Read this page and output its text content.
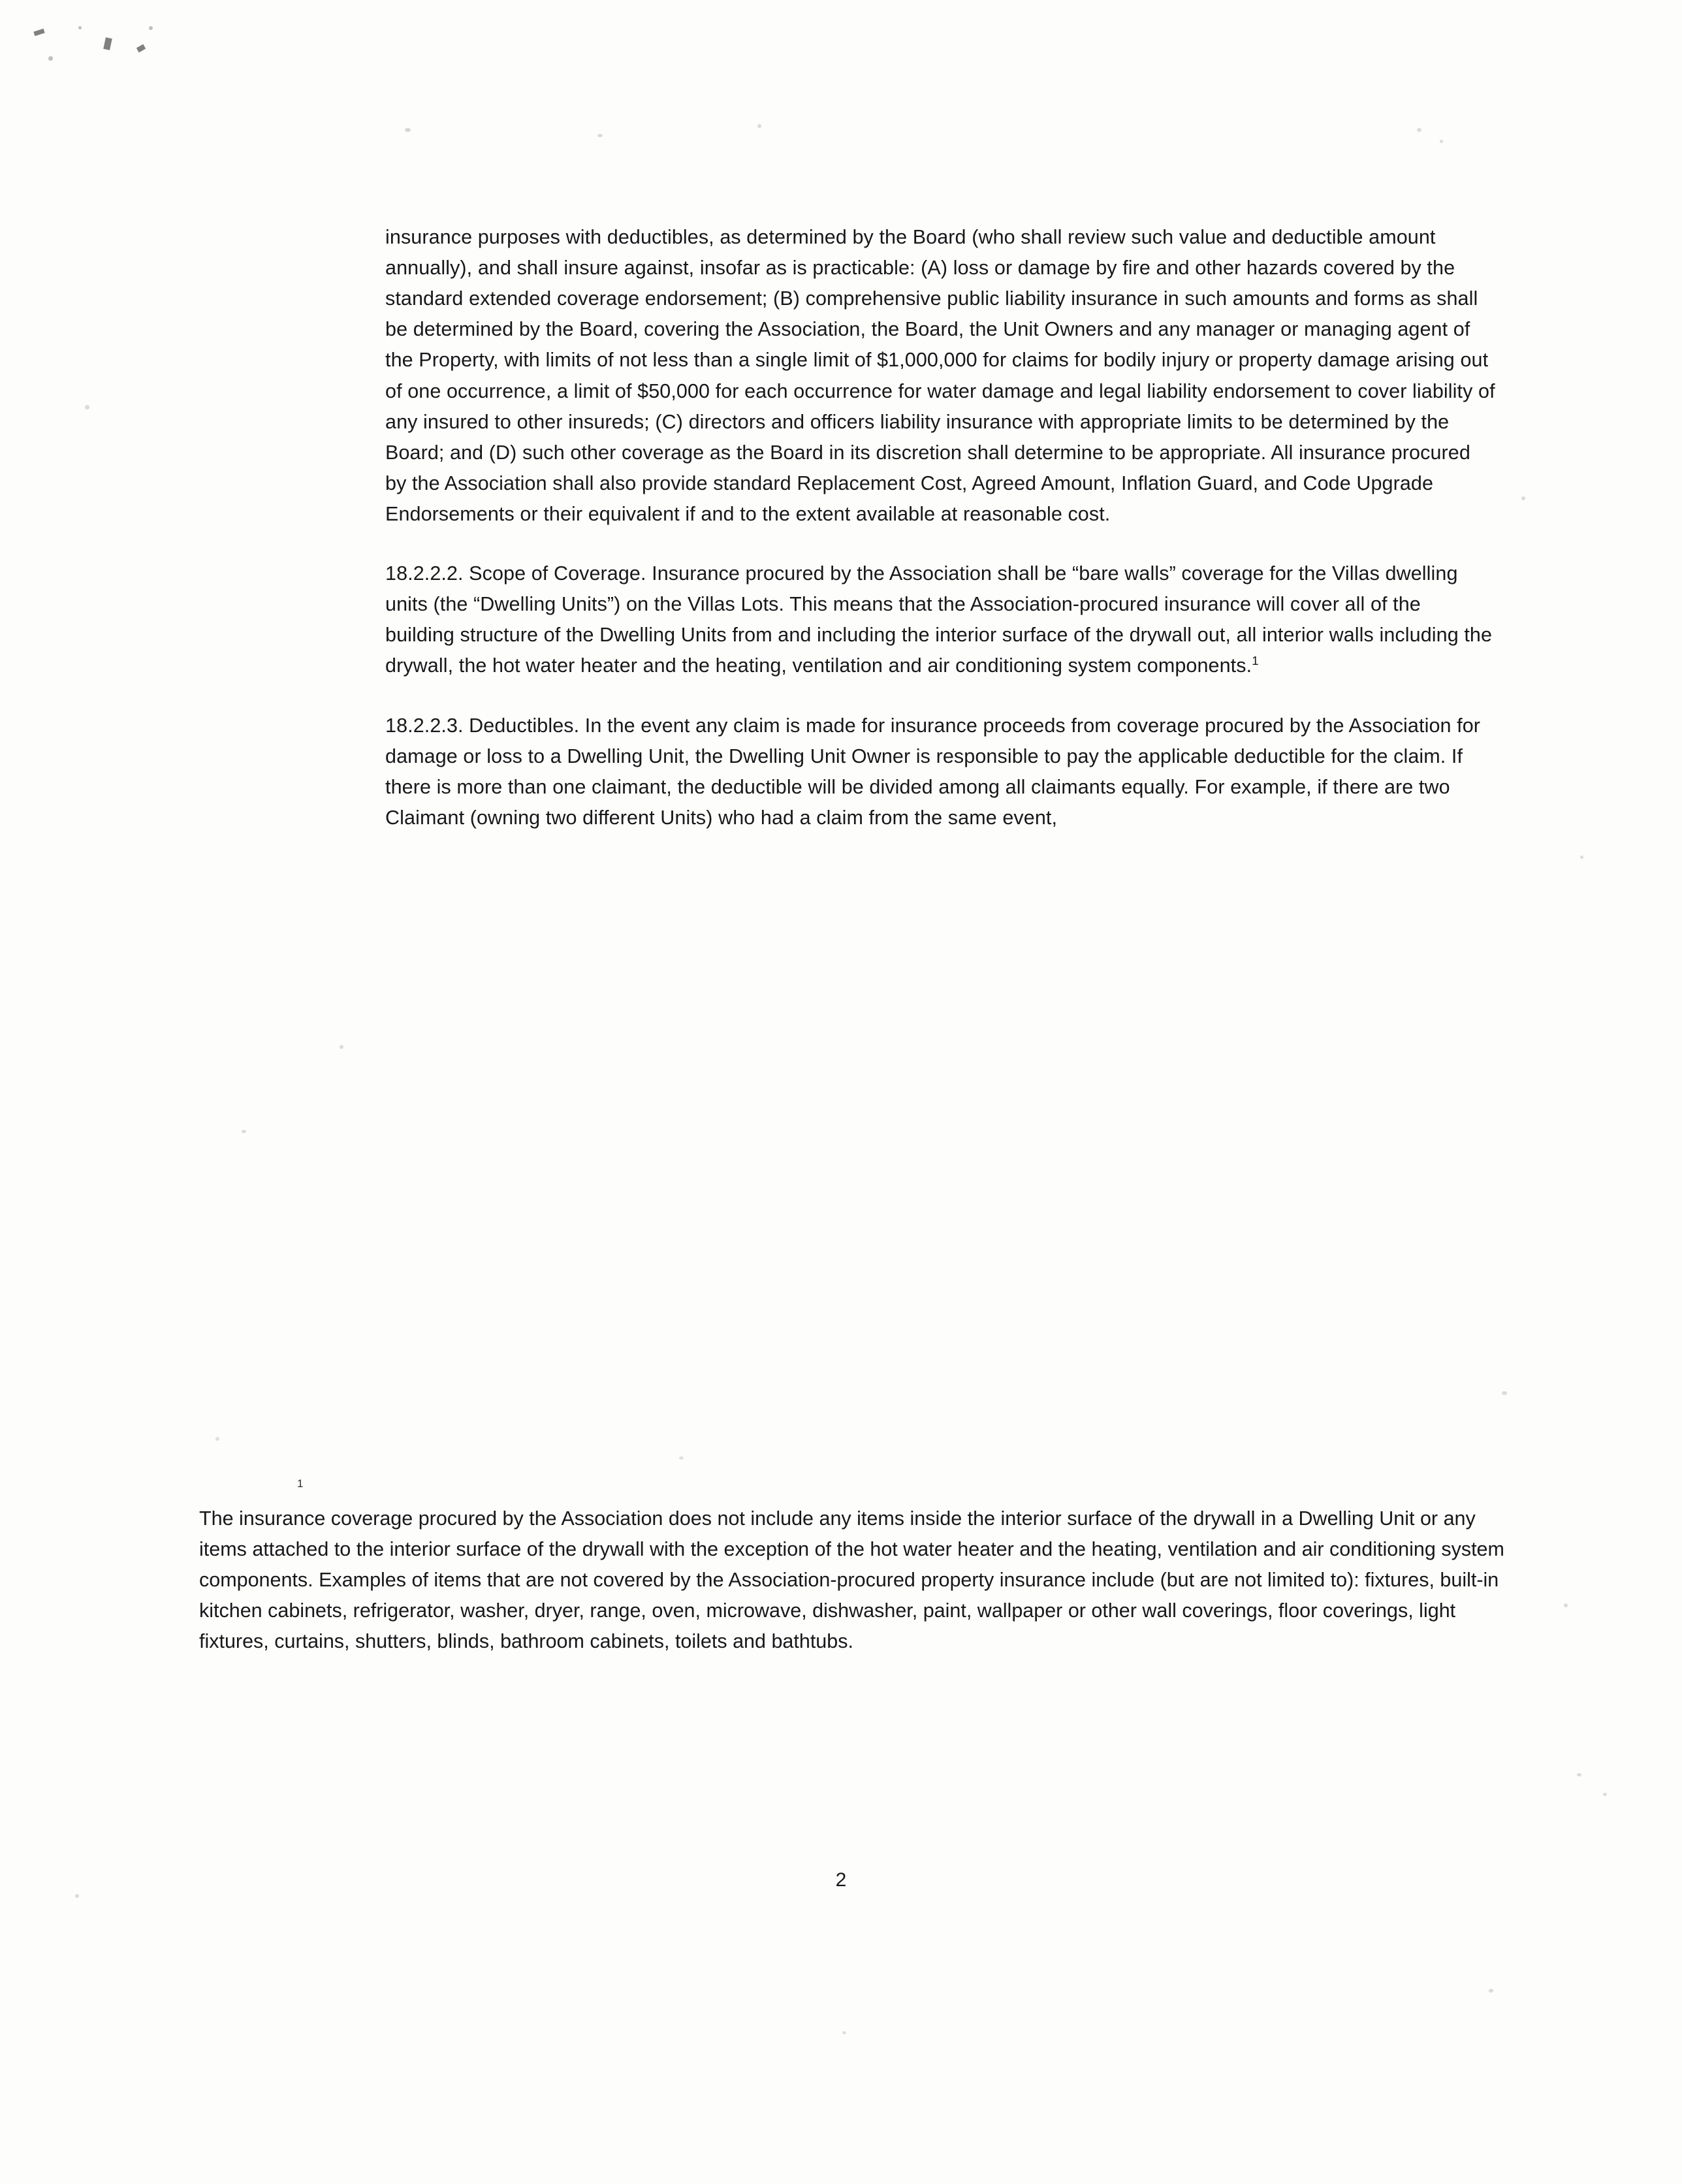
insurance purposes with deductibles, as determined by the Board (who shall review such value and deductible amount annually), and shall insure against, insofar as is practicable: (A) loss or damage by fire and other hazards covered by the standard extended coverage endorsement; (B) comprehensive public liability insurance in such amounts and forms as shall be determined by the Board, covering the Association, the Board, the Unit Owners and any manager or managing agent of the Property, with limits of not less than a single limit of $1,000,000 for claims for bodily injury or property damage arising out of one occurrence, a limit of $50,000 for each occurrence for water damage and legal liability endorsement to cover liability of any insured to other insureds; (C) directors and officers liability insurance with appropriate limits to be determined by the Board; and (D) such other coverage as the Board in its discretion shall determine to be appropriate. All insurance procured by the Association shall also provide standard Replacement Cost, Agreed Amount, Inflation Guard, and Code Upgrade Endorsements or their equivalent if and to the extent available at reasonable cost.

18.2.2.2. Scope of Coverage. Insurance procured by the Association shall be “bare walls” coverage for the Villas dwelling units (the “Dwelling Units”) on the Villas Lots. This means that the Association-procured insurance will cover all of the building structure of the Dwelling Units from and including the interior surface of the drywall out, all interior walls including the drywall, the hot water heater and the heating, ventilation and air conditioning system components.$^1$

18.2.2.3. Deductibles. In the event any claim is made for insurance proceeds from coverage procured by the Association for damage or loss to a Dwelling Unit, the Dwelling Unit Owner is responsible to pay the applicable deductible for the claim. If there is more than one claimant, the deductible will be divided among all claimants equally. For example, if there are two Claimant (owning two different Units) who had a claim from the same event,

1
The insurance coverage procured by the Association does not include any items inside the interior surface of the drywall in a Dwelling Unit or any items attached to the interior surface of the drywall with the exception of the hot water heater and the heating, ventilation and air conditioning system components. Examples of items that are not covered by the Association-procured property insurance include (but are not limited to): fixtures, built-in kitchen cabinets, refrigerator, washer, dryer, range, oven, microwave, dishwasher, paint, wallpaper or other wall coverings, floor coverings, light fixtures, curtains, shutters, blinds, bathroom cabinets, toilets and bathtubs.
2
